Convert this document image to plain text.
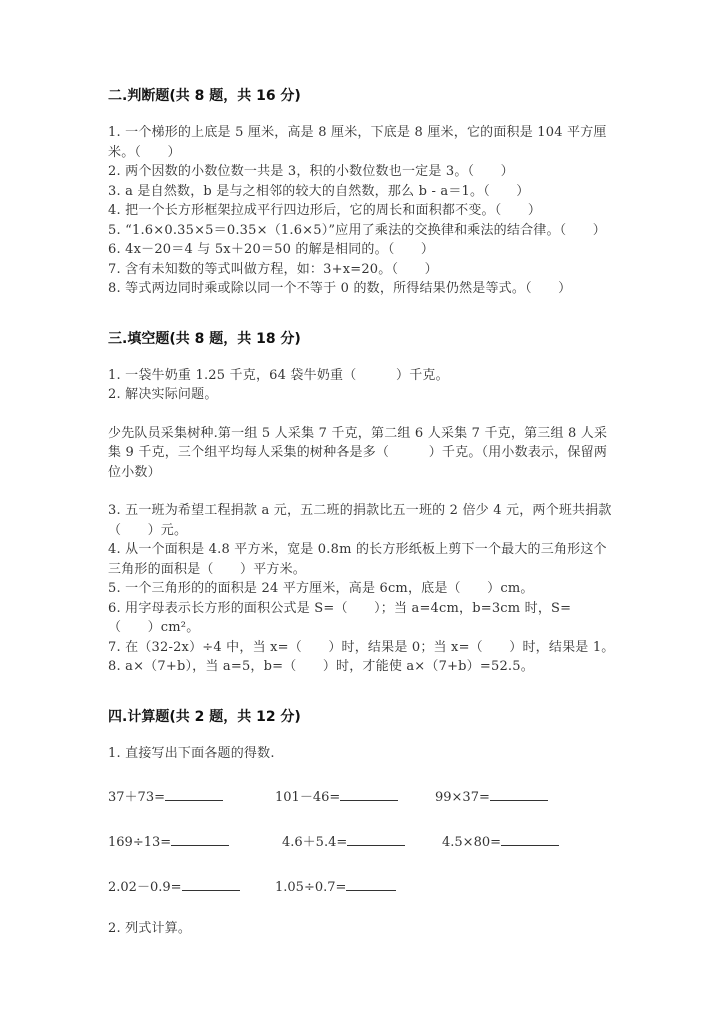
二.判断题(共 8 题，共 16 分)

1. 一个梯形的上底是 5 厘米，高是 8 厘米，下底是 8 厘米，它的面积是 104 平方厘米。（　　）

2. 两个因数的小数位数一共是 3，积的小数位数也一定是 3。（　　）

3. a 是自然数，b 是与之相邻的较大的自然数，那么 b - a＝1。（　　）

4. 把一个长方形框架拉成平行四边形后，它的周长和面积都不变。（　　）

5. “1.6×0.35×5＝0.35×（1.6×5）”应用了乘法的交换律和乘法的结合律。（　　）

6. 4x－20＝4 与 5x＋20＝50 的解是相同的。（　　）

7. 含有未知数的等式叫做方程，如：3+x=20。（　　）

8. 等式两边同时乘或除以同一个不等于 0 的数，所得结果仍然是等式。（　　）

三.填空题(共 8 题，共 18 分)

1. 一袋牛奶重 1.25 千克，64 袋牛奶重（　　　）千克。

2. 解决实际问题。

少先队员采集树种.第一组 5 人采集 7 千克，第二组 6 人采集 7 千克，第三组 8 人采集 9 千克，三个组平均每人采集的树种各是多（　　　）千克。（用小数表示，保留两位小数）

3. 五一班为希望工程捐款 a 元，五二班的捐款比五一班的 2 倍少 4 元，两个班共捐款（　　）元。

4. 从一个面积是 4.8 平方米，宽是 0.8m 的长方形纸板上剪下一个最大的三角形这个三角形的面积是（　　）平方米。

5. 一个三角形的的面积是 24 平方厘米，高是 6cm，底是（　　）cm。

6. 用字母表示长方形的面积公式是 S=（　　）；当 a=4cm，b=3cm 时，S=（　　）cm²。

7. 在（32-2x）÷4 中，当 x=（　　）时，结果是 0；当 x=（　　）时，结果是 1。

8. a×（7+b），当 a=5，b=（　　）时，才能使 a×（7+b）=52.5。

四.计算题(共 2 题，共 12 分)

1. 直接写出下面各题的得数.

37＋73=	101－46=	99×37=
169÷13=	4.6＋5.4=	4.5×80=
2.02－0.9=	1.05÷0.7=

2. 列式计算。
